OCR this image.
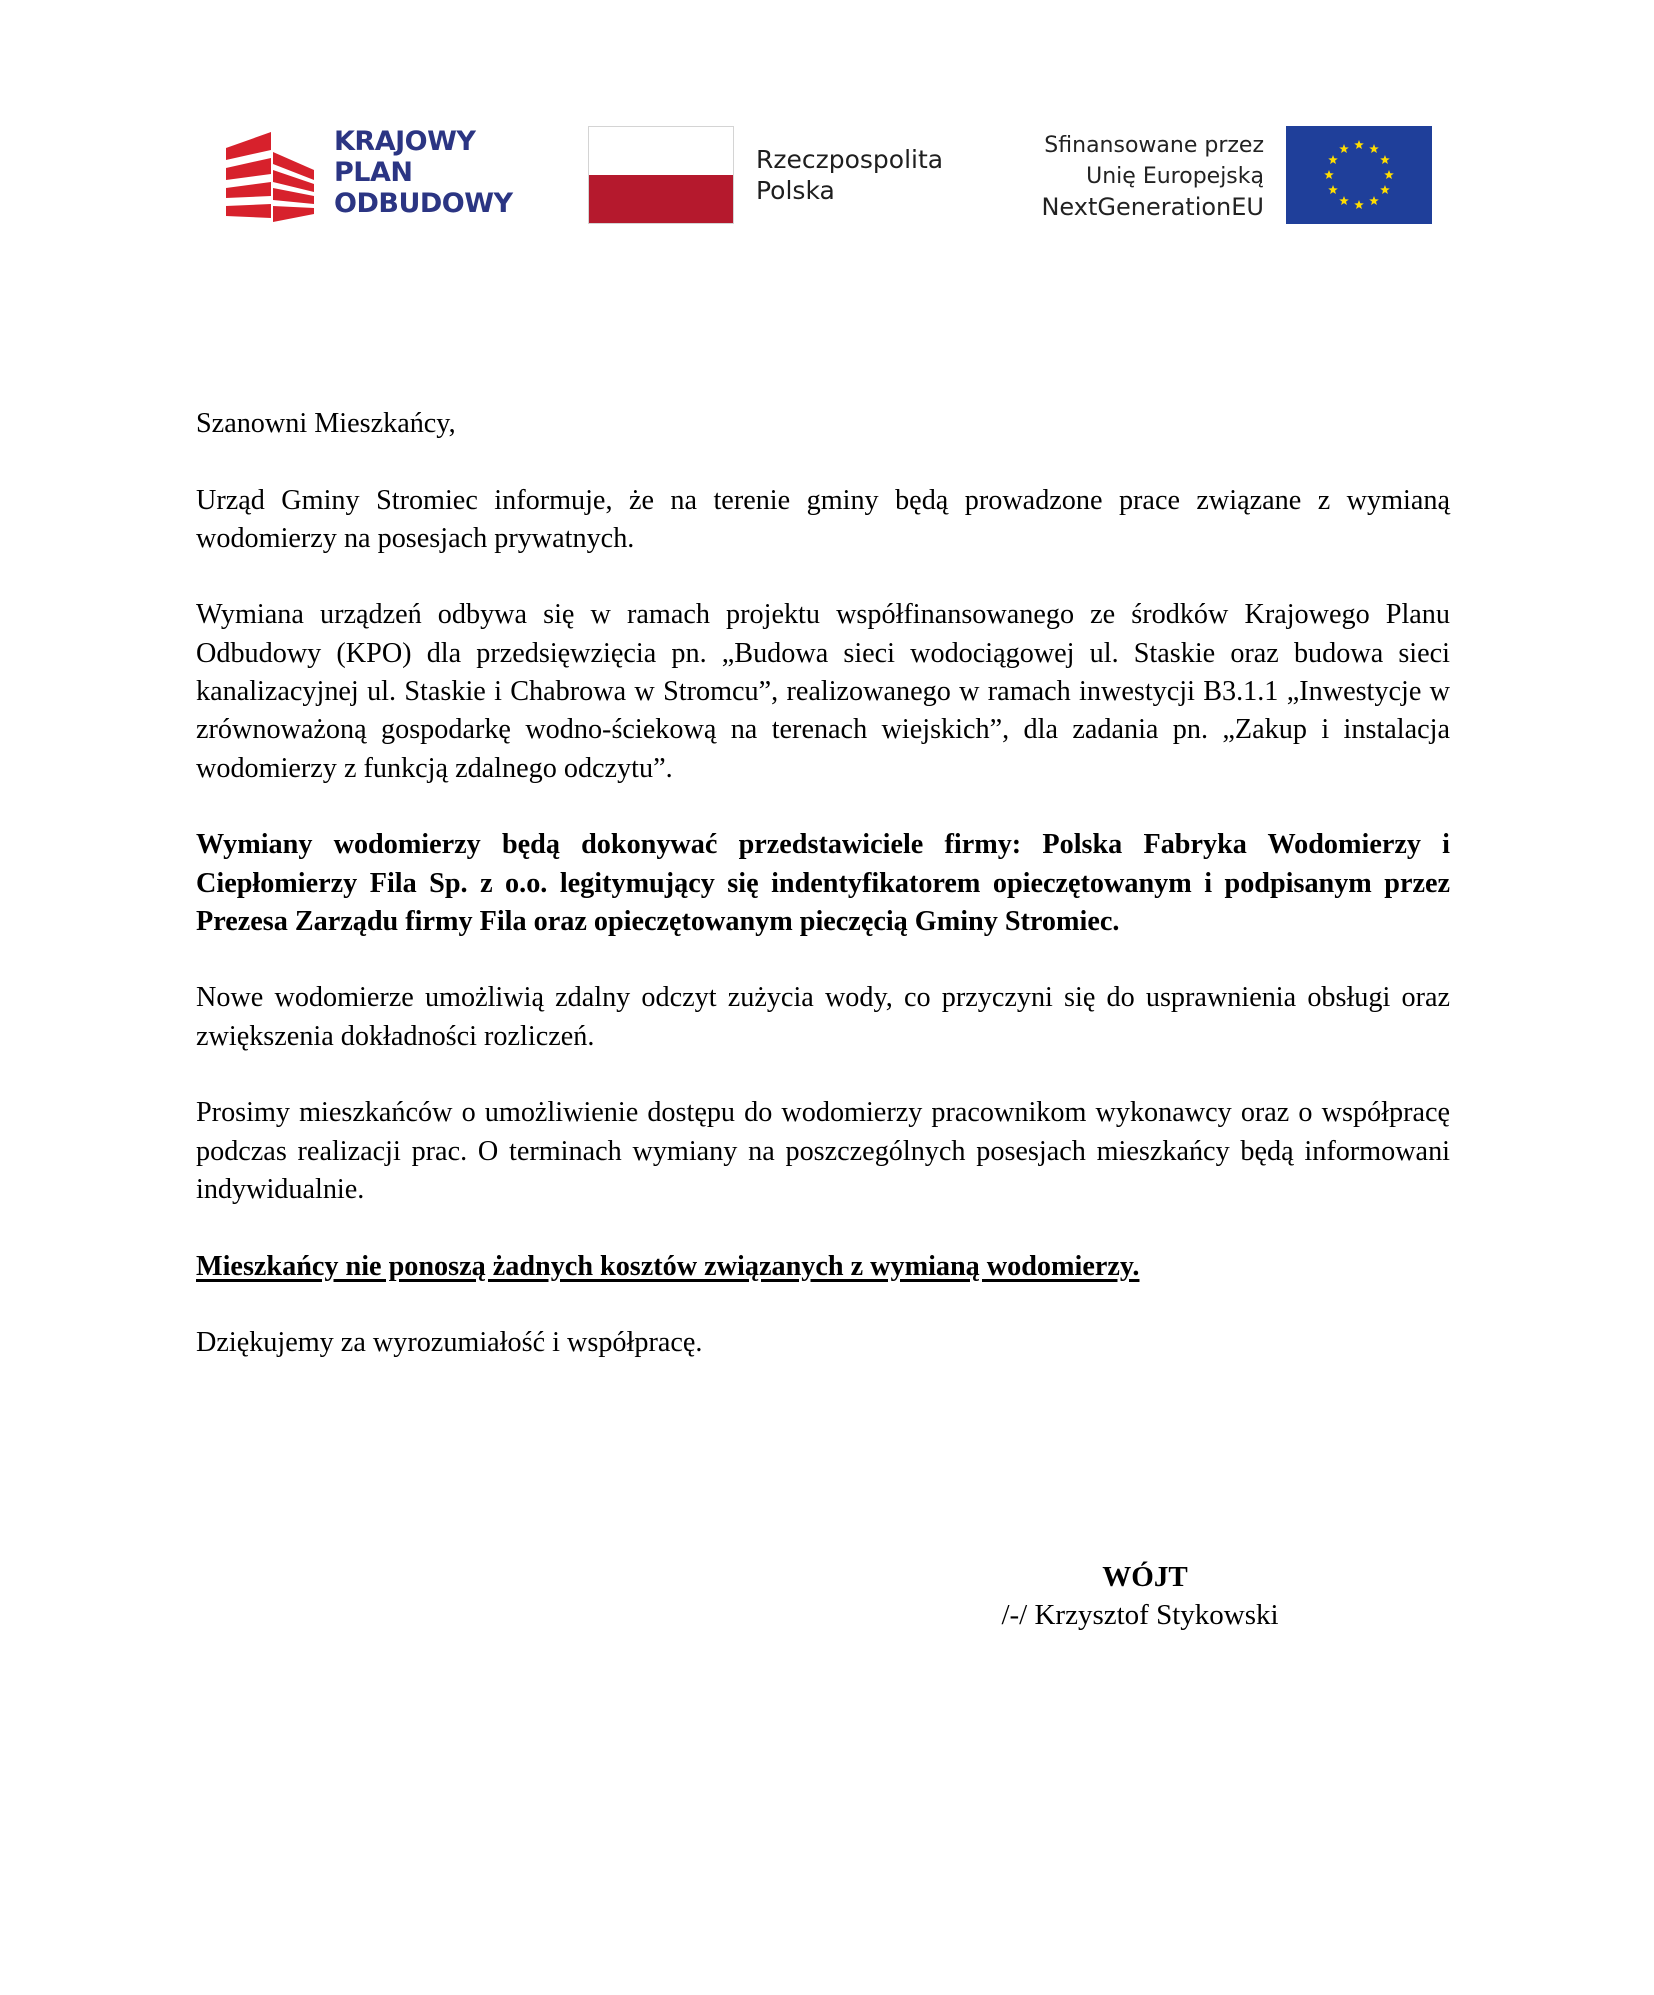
KRAJOWY
PLAN
ODBUDOWY
Rzeczpospolita
Polska
Sfinansowane przez
Unię Europejską
NextGenerationEU

Szanowni Mieszkańcy,

Urząd Gminy Stromiec informuje, że na terenie gminy będą prowadzone prace związane z wymianą wodomierzy na posesjach prywatnych.

Wymiana urządzeń odbywa się w ramach projektu współfinansowanego ze środków Krajowego Planu Odbudowy (KPO) dla przedsięwzięcia pn. „Budowa sieci wodociągowej ul. Staskie oraz budowa sieci kanalizacyjnej ul. Staskie i Chabrowa w Stromcu”, realizowanego w ramach inwestycji B3.1.1 „Inwestycje w zrównoważoną gospodarkę wodno-ściekową na terenach wiejskich”, dla zadania pn. „Zakup i instalacja wodomierzy z funkcją zdalnego odczytu”.

Wymiany wodomierzy będą dokonywać przedstawiciele firmy: Polska Fabryka Wodomierzy i Ciepłomierzy Fila Sp. z o.o. legitymujący się indentyfikatorem opieczętowanym i podpisanym przez Prezesa Zarządu firmy Fila oraz opieczętowanym pieczęcią Gminy Stromiec.

Nowe wodomierze umożliwią zdalny odczyt zużycia wody, co przyczyni się do usprawnienia obsługi oraz zwiększenia dokładności rozliczeń.

Prosimy mieszkańców o umożliwienie dostępu do wodomierzy pracownikom wykonawcy oraz o współpracę podczas realizacji prac. O terminach wymiany na poszczególnych posesjach mieszkańcy będą informowani indywidualnie.

Mieszkańcy nie ponoszą żadnych kosztów związanych z wymianą wodomierzy.

Dziękujemy za wyrozumiałość i współpracę.

WÓJT
/-/ Krzysztof Stykowski
